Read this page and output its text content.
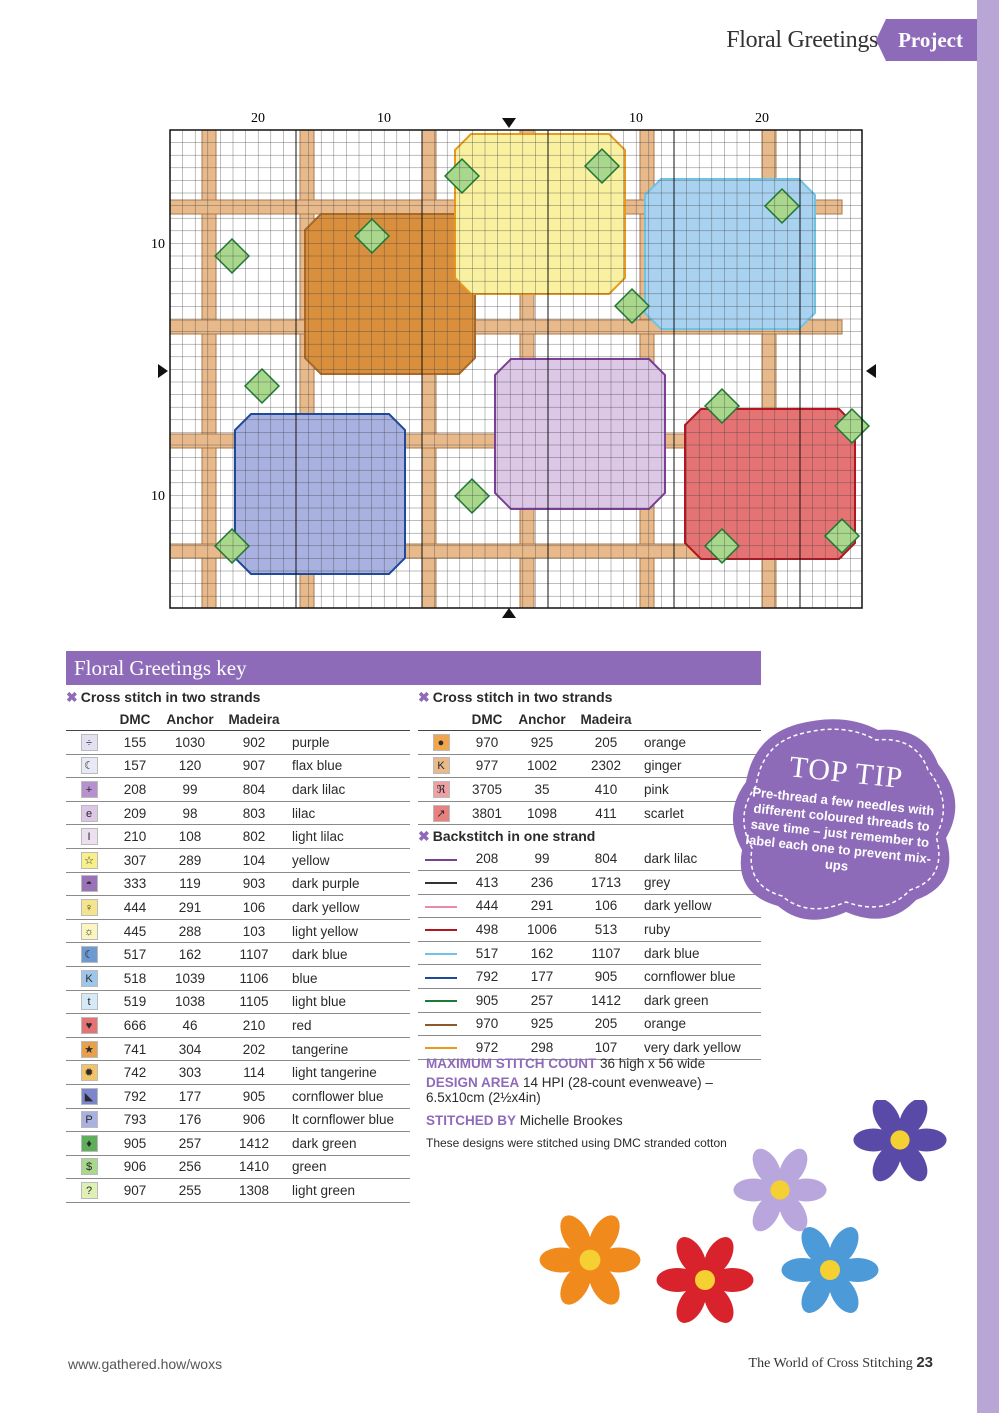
Floral Greetings Project
20	10	10	20
10
10
Floral Greetings key
✖ Cross stitch in two strands
	DMC	Anchor	Madeira	
÷	155	1030	902	purple
☾	157	120	907	flax blue
+	208	99	804	dark lilac
e	209	98	803	lilac
I	210	108	802	light lilac
☆	307	289	104	yellow
◓	333	119	903	dark purple
♀	444	291	106	dark yellow
☼	445	288	103	light yellow
☾	517	162	1107	dark blue
K	518	1039	1106	blue
t	519	1038	1105	light blue
♥	666	46	210	red
★	741	304	202	tangerine
✹	742	303	114	light tangerine
◣	792	177	905	cornflower blue
P	793	176	906	lt cornflower blue
♦	905	257	1412	dark green
$	906	256	1410	green
?	907	255	1308	light green
✖ Cross stitch in two strands
	DMC	Anchor	Madeira	
●	970	925	205	orange
K	977	1002	2302	ginger
ℜ	3705	35	410	pink
↗	3801	1098	411	scarlet
✖ Backstitch in one strand
	208	99	804	dark lilac
	413	236	1713	grey
	444	291	106	dark yellow
	498	1006	513	ruby
	517	162	1107	dark blue
	792	177	905	cornflower blue
	905	257	1412	dark green
	970	925	205	orange
	972	298	107	very dark yellow
MAXIMUM STITCH COUNT 36 high x 56 wide
DESIGN AREA 14 HPI (28-count evenweave) – 6.5x10cm (2½x4in)
STITCHED BY Michelle Brookes
These designs were stitched using DMC stranded cotton
TOP TIP
Pre-thread a few needles with different coloured threads to save time – just remember to label each one to prevent mix-ups
www.gathered.how/woxs	The World of Cross Stitching 23
